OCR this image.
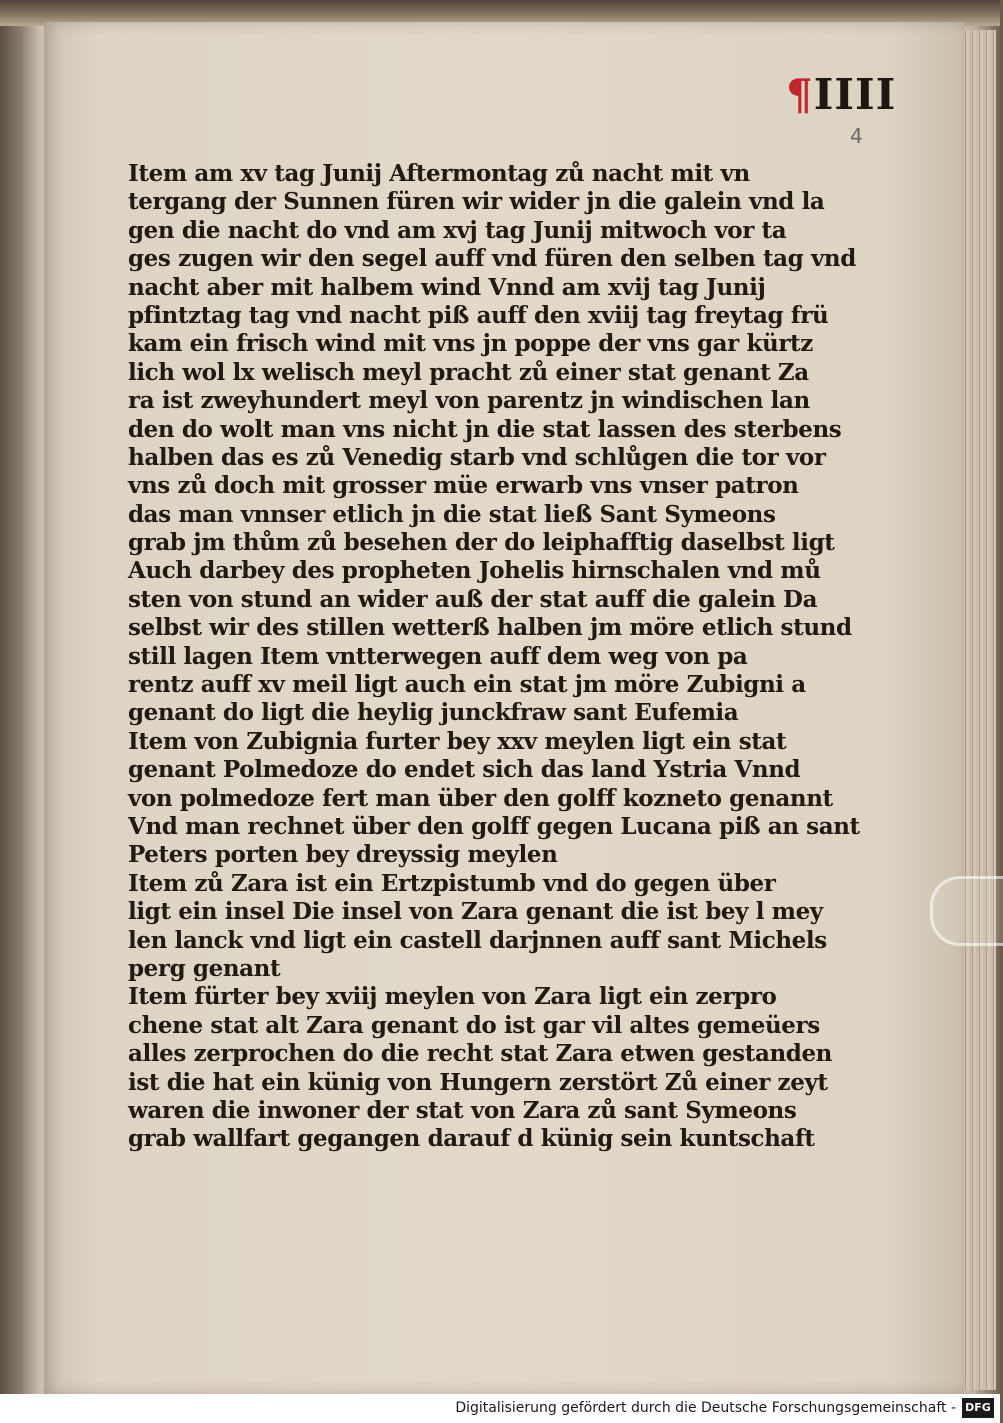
¶IIII
4
Item am xv tag Junij Aftermontag zů nacht mit vn
tergang der Sunnen füren wir wider jn die galein vnd la
gen die nacht do vnd am xvj tag Junij mitwoch vor ta
ges zugen wir den segel auff vnd füren den selben tag vnd
nacht aber mit halbem wind Vnnd am xvij tag Junij
pfintztag tag vnd nacht piß auff den xviij tag freytag frü
kam ein frisch wind mit vns jn poppe der vns gar kürtz
lich wol lx welisch meyl pracht zů einer stat genant Za
ra ist zweyhundert meyl von parentz jn windischen lan
den do wolt man vns nicht jn die stat lassen des sterbens
halben das es zů Venedig starb vnd schlůgen die tor vor
vns zů doch mit grosser müe erwarb vns vnser patron
das man vnnser etlich jn die stat ließ Sant Symeons
grab jm thům zů besehen der do leiphafftig daselbst ligt
Auch darbey des propheten Johelis hirnschalen vnd mů
sten von stund an wider auß der stat auff die galein Da
selbst wir des stillen wetterß halben jm möre etlich stund
still lagen Item vntterwegen auff dem weg von pa
rentz auff xv meil ligt auch ein stat jm möre Zubigni a
genant do ligt die heylig junckfraw sant Eufemia
Item von Zubignia furter bey xxv meylen ligt ein stat
genant Polmedoze do endet sich das land Ystria Vnnd
von polmedoze fert man über den golff kozneto genannt
Vnd man rechnet über den golff gegen Lucana piß an sant
Peters porten bey dreyssig meylen
Item zů Zara ist ein Ertzpistumb vnd do gegen über
ligt ein insel Die insel von Zara genant die ist bey l mey
len lanck vnd ligt ein castell darjnnen auff sant Michels
perg genant
Item fürter bey xviij meylen von Zara ligt ein zerpro
chene stat alt Zara genant do ist gar vil altes gemeüers
alles zerprochen do die recht stat Zara etwen gestanden
ist die hat ein künig von Hungern zerstört Zů einer zeyt
waren die inwoner der stat von Zara zů sant Symeons
grab wallfart gegangen darauf d künig sein kuntschaft
Digitalisierung gefördert durch die Deutsche Forschungsgemeinschaft - DFG
